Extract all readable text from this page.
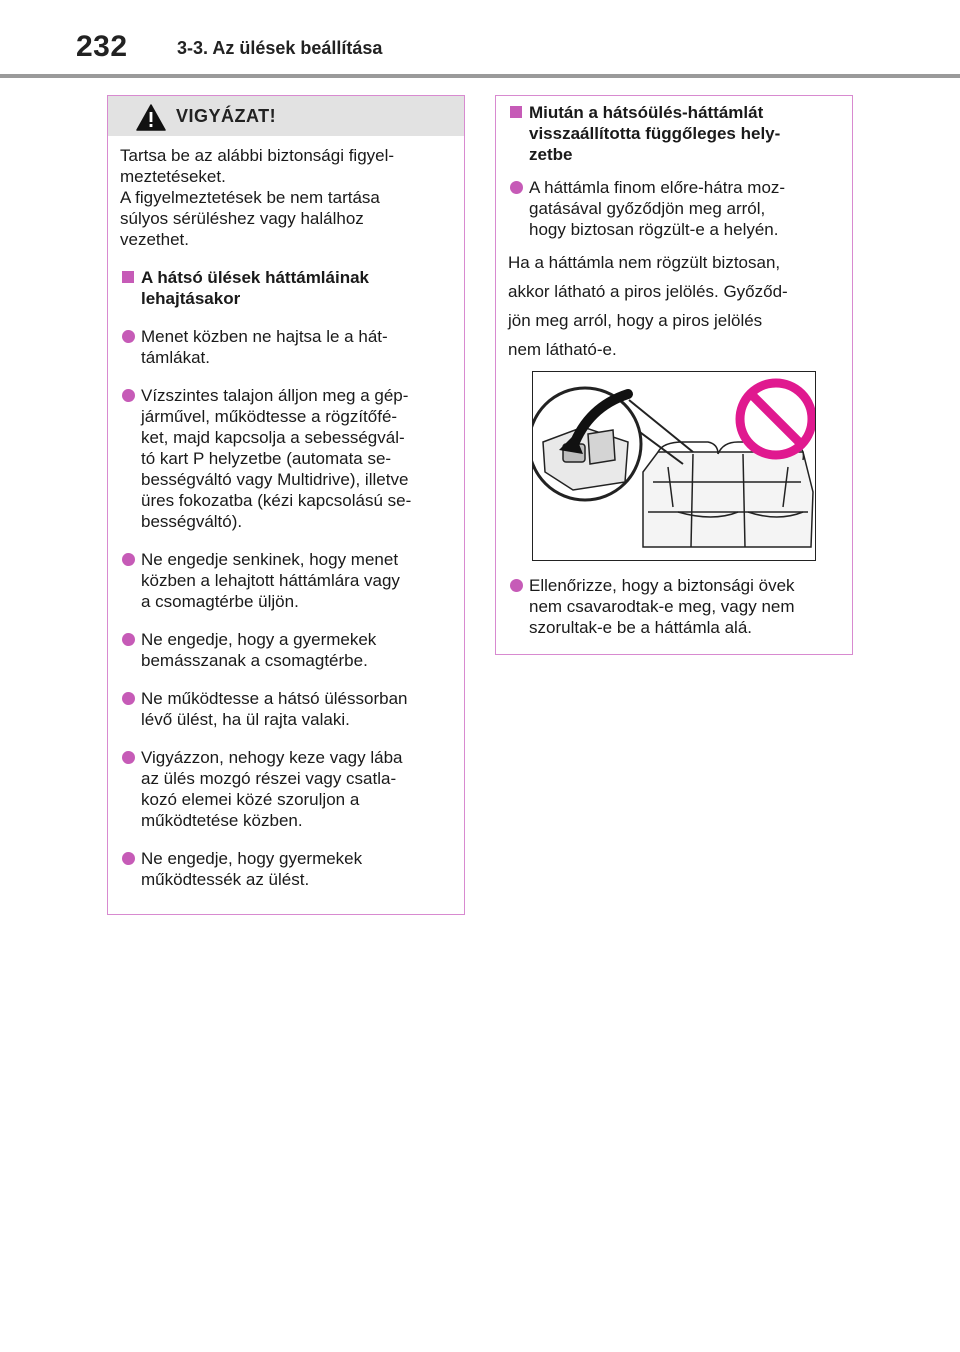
232	3-3. Az ülések beállítása
VIGYÁZAT!
Tartsa be az alábbi biztonsági figyel-
meztetéseket.
A figyelmeztetések be nem tartása
súlyos sérüléshez vagy halálhoz
vezethet.
A hátsó ülések háttámláinak
lehajtásakor
Menet közben ne hajtsa le a hát-
támlákat.
Vízszintes talajon álljon meg a gép-
járművel, működtesse a rögzítőfé-
ket, majd kapcsolja a sebességvál-
tó kart P helyzetbe (automata se-
bességváltó vagy Multidrive), illetve
üres fokozatba (kézi kapcsolású se-
bességváltó).
Ne engedje senkinek, hogy menet
közben a lehajtott háttámlára vagy
a csomagtérbe üljön.
Ne engedje, hogy a gyermekek
bemásszanak a csomagtérbe.
Ne működtesse a hátsó üléssorban
lévő ülést, ha ül rajta valaki.
Vigyázzon, nehogy keze vagy lába
az ülés mozgó részei vagy csatla-
kozó elemei közé szoruljon a
működtetése közben.
Ne engedje, hogy gyermekek
működtessék az ülést.
Miután a hátsóülés-háttámlát
visszaállította függőleges hely-
zetbe
A háttámla finom előre-hátra moz-
gatásával győződjön meg arról,
hogy biztosan rögzült-e a helyén.
Ha a háttámla nem rögzült biztosan,
akkor látható a piros jelölés. Győződ-
jön meg arról, hogy a piros jelölés
nem látható-e.
Ellenőrizze, hogy a biztonsági övek
nem csavarodtak-e meg, vagy nem
szorultak-e be a háttámla alá.
